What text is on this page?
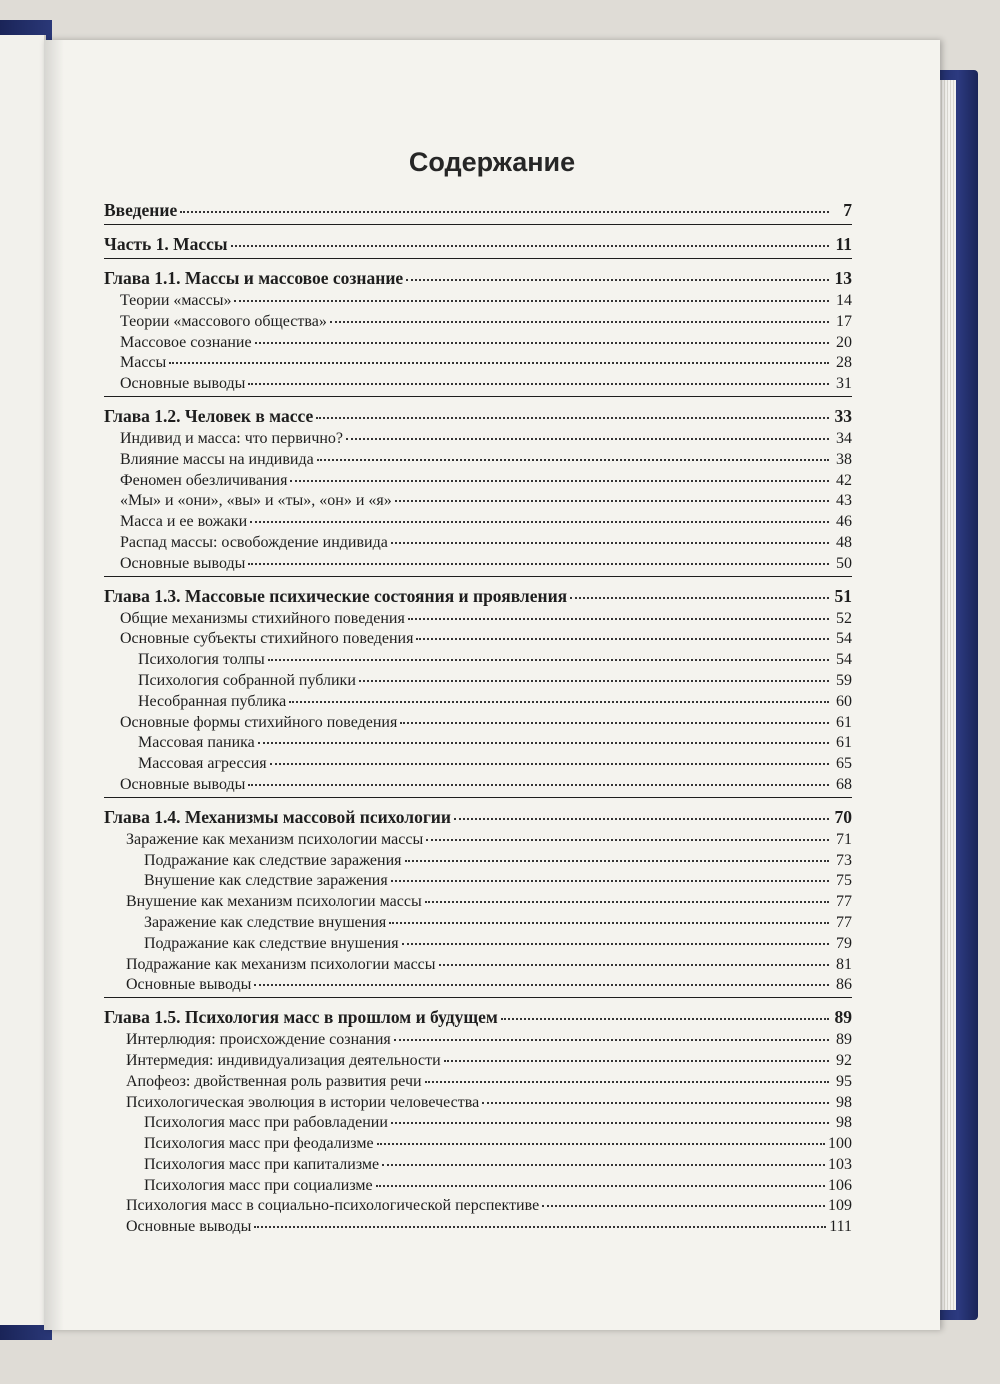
Содержание
Введение	7
Часть 1. Массы	11
Глава 1.1. Массы и массовое сознание	13
Теории «массы»	14
Теории «массового общества»	17
Массовое сознание	20
Массы	28
Основные выводы	31
Глава 1.2. Человек в массе	33
Индивид и масса: что первично?	34
Влияние массы на индивида	38
Феномен обезличивания	42
«Мы» и «они», «вы» и «ты», «он» и «я»	43
Масса и ее вожаки	46
Распад массы: освобождение индивида	48
Основные выводы	50
Глава 1.3. Массовые психические состояния и проявления	51
Общие механизмы стихийного поведения	52
Основные субъекты стихийного поведения	54
Психология толпы	54
Психология собранной публики	59
Несобранная публика	60
Основные формы стихийного поведения	61
Массовая паника	61
Массовая агрессия	65
Основные выводы	68
Глава 1.4. Механизмы массовой психологии	70
Заражение как механизм психологии массы	71
Подражание как следствие заражения	73
Внушение как следствие заражения	75
Внушение как механизм психологии массы	77
Заражение как следствие внушения	77
Подражание как следствие внушения	79
Подражание как механизм психологии массы	81
Основные выводы	86
Глава 1.5. Психология масс в прошлом и будущем	89
Интерлюдия: происхождение сознания	89
Интермедия: индивидуализация деятельности	92
Апофеоз: двойственная роль развития речи	95
Психологическая эволюция в истории человечества	98
Психология масс при рабовладении	98
Психология масс при феодализме	100
Психология масс при капитализме	103
Психология масс при социализме	106
Психология масс в социально-психологической перспективе	109
Основные выводы	111
